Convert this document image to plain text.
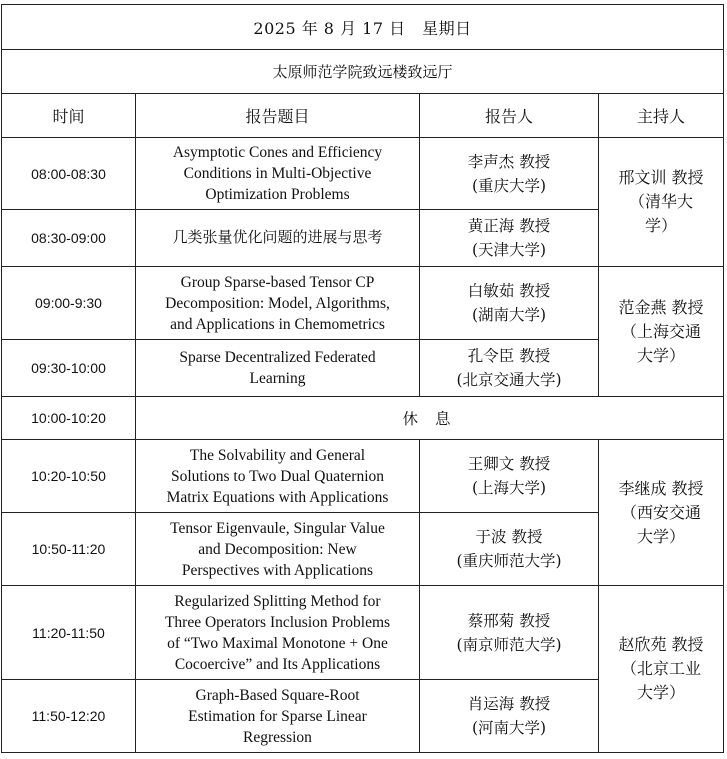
2025 年 8 月 17 日　星期日			
太原师范学院致远楼致远厅			
时间	报告题目	报告人	主持人
08:00-08:30	Asymptotic Cones and Efficiency
Conditions in Multi-Objective
Optimization Problems	李声杰 教授
(重庆大学)	邢文训 教授
（清华大
学）

08:30-09:00	几类张量优化问题的进展与思考	黄正海 教授
(天津大学)	

09:00-9:30	Group Sparse-based Tensor CP
Decomposition: Model, Algorithms,
and Applications in Chemometrics	白敏茹 教授
(湖南大学)	范金燕 教授
（上海交通
大学）

09:30-10:00	Sparse Decentralized Federated
Learning	孔令臣 教授
(北京交通大学)	

10:00-10:20	休 息		
10:20-10:50	The Solvability and General
Solutions to Two Dual Quaternion
Matrix Equations with Applications	王卿文 教授
(上海大学)	李继成 教授
（西安交通
大学）

10:50-11:20	Tensor Eigenvaule, Singular Value
and Decomposition: New
Perspectives with Applications	于波 教授
(重庆师范大学)	

11:20-11:50	Regularized Splitting Method for
Three Operators Inclusion Problems
of “Two Maximal Monotone + One
Cocoercive” and Its Applications	蔡邢菊 教授
(南京师范大学)	赵欣苑 教授
（北京工业
大学）

11:50-12:20	Graph-Based Square-Root
Estimation for Sparse Linear
Regression	肖运海 教授
(河南大学)	
